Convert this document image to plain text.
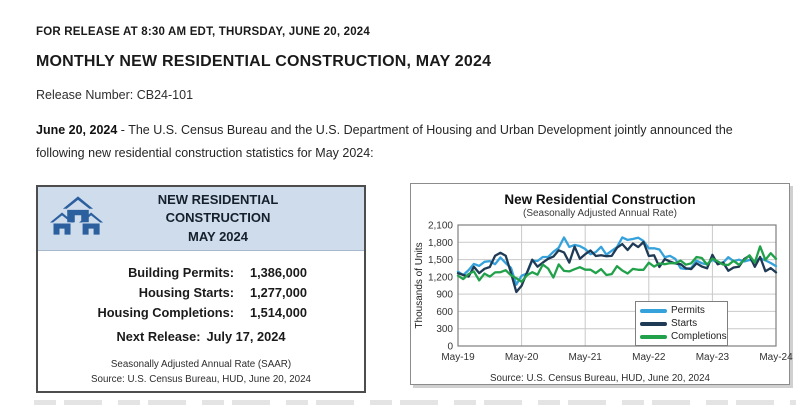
FOR RELEASE AT 8:30 AM EDT, THURSDAY, JUNE 20, 2024
MONTHLY NEW RESIDENTIAL CONSTRUCTION, MAY 2024
Release Number: CB24-101
June 20, 2024 - The U.S. Census Bureau and the U.S. Department of Housing and Urban Development jointly announced the following new residential construction statistics for May 2024:
NEW RESIDENTIAL
CONSTRUCTION
MAY 2024
Building Permits: 1,386,000
Housing Starts: 1,277,000
Housing Completions: 1,514,000
Next Release: July 17, 2024
Seasonally Adjusted Annual Rate (SAAR)
Source: U.S. Census Bureau, HUD, June 20, 2024
New Residential Construction
(Seasonally Adjusted Annual Rate)
0
300
600
900
1,200
1,500
1,800
2,100
May-19	May-20	May-21	May-22	May-23	May-24
Thousands of Units
Source: U.S. Census Bureau, HUD, June 20, 2024
Permits
Starts
Completions
